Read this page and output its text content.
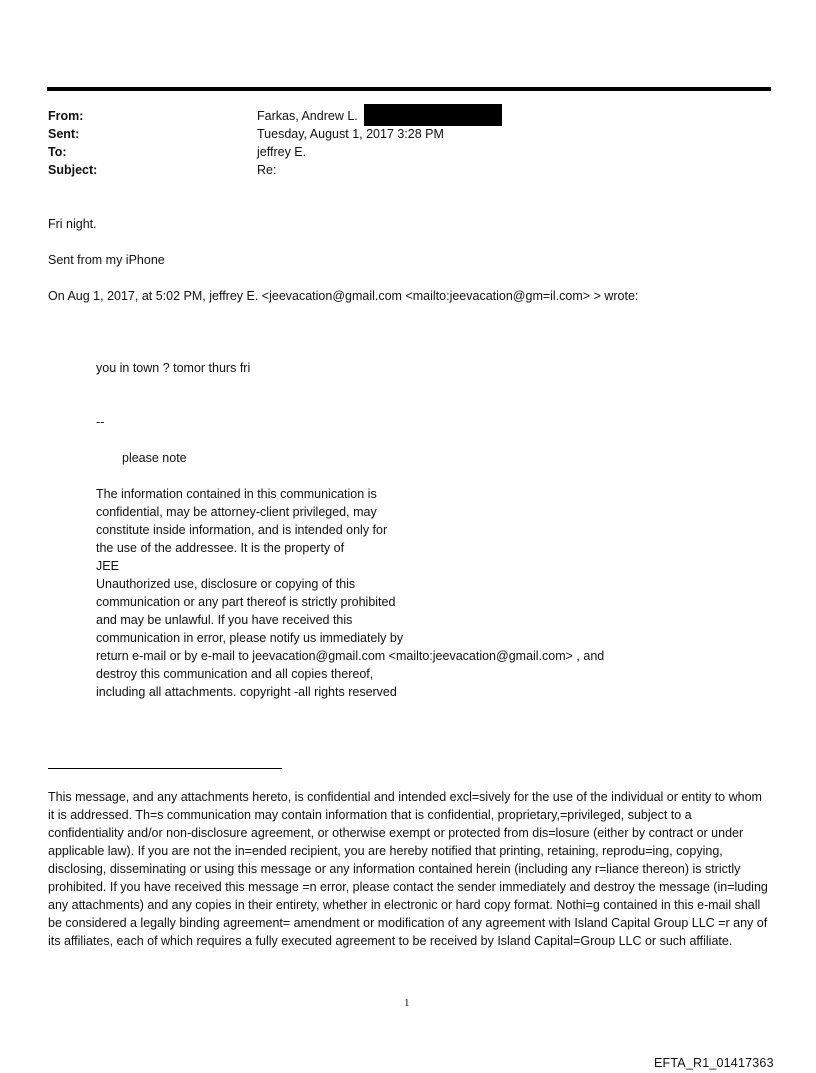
From:	Farkas, Andrew L.
Sent:	Tuesday, August 1, 2017 3:28 PM
To:	jeffrey E.
Subject:	Re:
Fri night.
Sent from my iPhone
On Aug 1, 2017, at 5:02 PM, jeffrey E. <jeevacation@gmail.com <mailto:jeevacation@gm=il.com> > wrote:
you in town ? tomor thurs fri
--
please note
The information contained in this communication is
confidential, may be attorney-client privileged, may
constitute inside information, and is intended only for
the use of the addressee. It is the property of
JEE
Unauthorized use, disclosure or copying of this
communication or any part thereof is strictly prohibited
and may be unlawful. If you have received this
communication in error, please notify us immediately by
return e-mail or by e-mail to jeevacation@gmail.com <mailto:jeevacation@gmail.com> , and
destroy this communication and all copies thereof,
including all attachments. copyright -all rights reserved
This message, and any attachments hereto, is confidential and intended excl=sively for the use of the individual or entity to whom it is addressed. Th=s communication may contain information that is confidential, proprietary,=privileged, subject to a confidentiality and/or non-disclosure agreement, or otherwise exempt or protected from dis=losure (either by contract or under applicable law). If you are not the in=ended recipient, you are hereby notified that printing, retaining, reprodu=ing, copying, disclosing, disseminating or using this message or any information contained herein (including any r=liance thereon) is strictly prohibited. If you have received this message =n error, please contact the sender immediately and destroy the message (in=luding any attachments) and any copies in their entirety, whether in electronic or hard copy format. Nothi=g contained in this e-mail shall be considered a legally binding agreement= amendment or modification of any agreement with Island Capital Group LLC =r any of its affiliates, each of which requires a fully executed agreement to be received by Island Capital=Group LLC or such affiliate.
1
EFTA_R1_01417363
